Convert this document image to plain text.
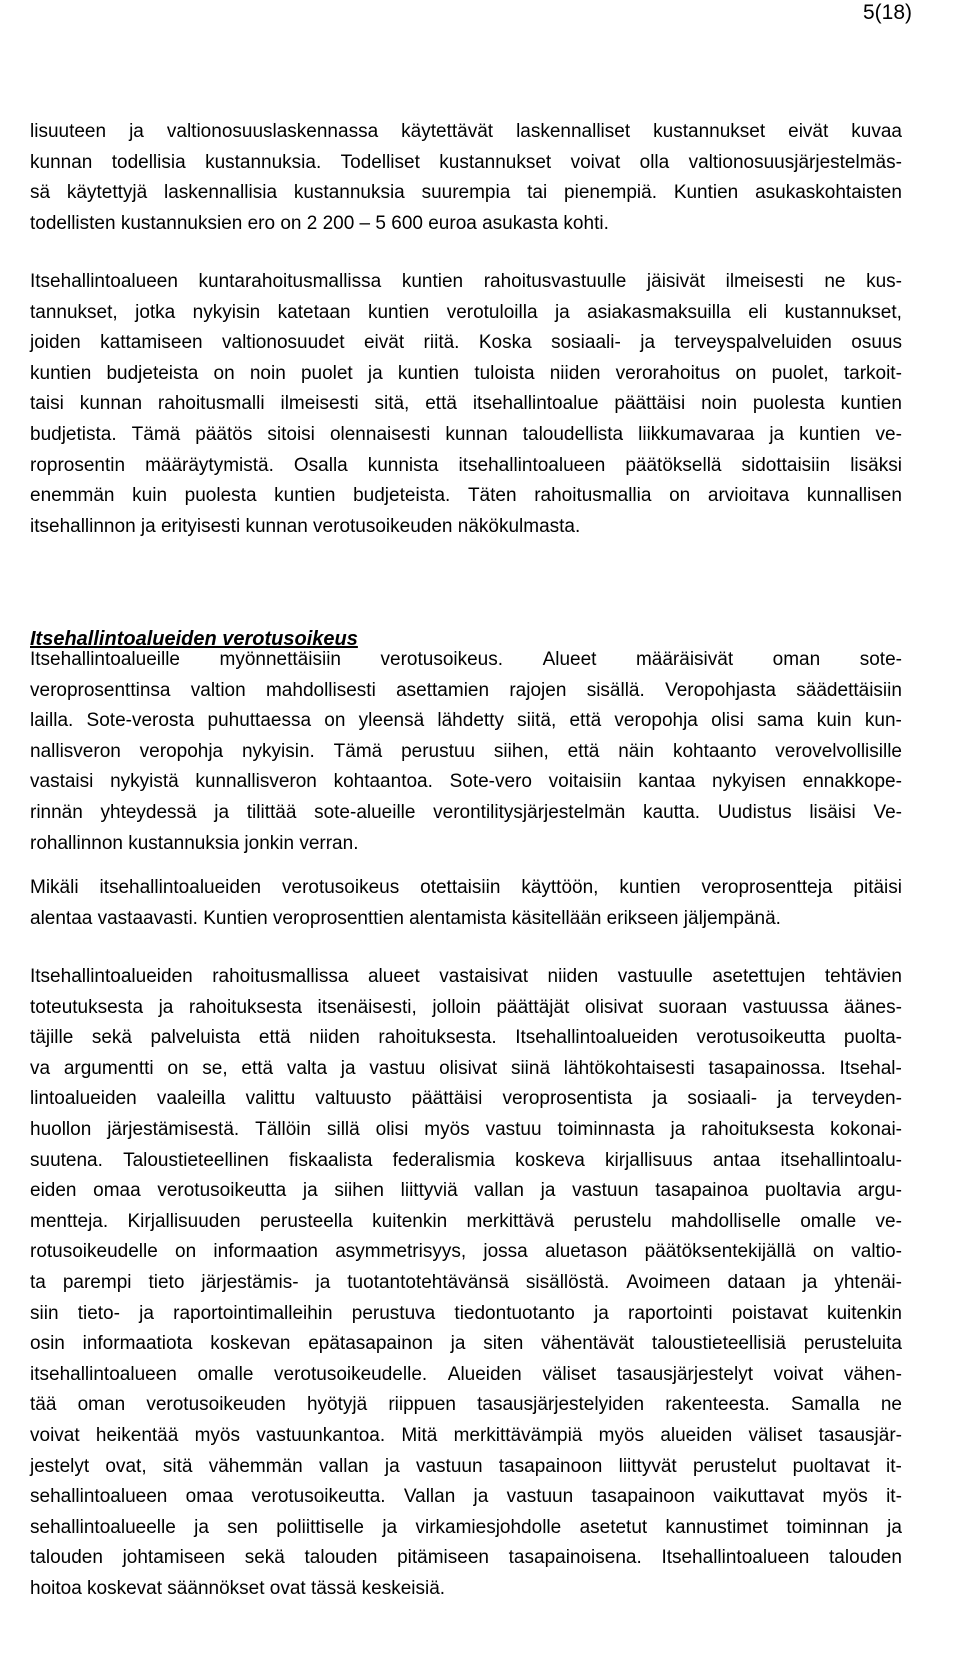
5(18)
Itsehallintoalueiden verotusoikeus
lisuuteen ja valtionosuuslaskennassa käytettävät laskennalliset kustannukset eivät kuvaa
kunnan todellisia kustannuksia. Todelliset kustannukset voivat olla valtionosuusjärjestelmäs-
sä käytettyjä laskennallisia kustannuksia suurempia tai pienempiä. Kuntien asukaskohtaisten
todellisten kustannuksien ero on 2 200 – 5 600 euroa asukasta kohti.
Itsehallintoalueen kuntarahoitusmallissa kuntien rahoitusvastuulle jäisivät ilmeisesti ne kus-
tannukset, jotka nykyisin katetaan kuntien verotuloilla ja asiakasmaksuilla eli kustannukset,
joiden kattamiseen valtionosuudet eivät riitä. Koska sosiaali- ja terveyspalveluiden osuus
kuntien budjeteista on noin puolet ja kuntien tuloista niiden verorahoitus on puolet, tarkoit-
taisi kunnan rahoitusmalli ilmeisesti sitä, että itsehallintoalue päättäisi noin puolesta kuntien
budjetista. Tämä päätös sitoisi olennaisesti kunnan taloudellista liikkumavaraa ja kuntien ve-
roprosentin määräytymistä. Osalla kunnista itsehallintoalueen päätöksellä sidottaisiin lisäksi
enemmän kuin puolesta kuntien budjeteista. Täten rahoitusmallia on arvioitava kunnallisen
itsehallinnon ja erityisesti kunnan verotusoikeuden näkökulmasta.
Itsehallintoalueille myönnettäisiin verotusoikeus. Alueet määräisivät oman sote-
veroprosenttinsa valtion mahdollisesti asettamien rajojen sisällä. Veropohjasta säädettäisiin
lailla. Sote-verosta puhuttaessa on yleensä lähdetty siitä, että veropohja olisi sama kuin kun-
nallisveron veropohja nykyisin. Tämä perustuu siihen, että näin kohtaanto verovelvollisille
vastaisi nykyistä kunnallisveron kohtaantoa. Sote-vero voitaisiin kantaa nykyisen ennakkope-
rinnän yhteydessä ja tilittää sote-alueille verontilitysjärjestelmän kautta. Uudistus lisäisi Ve-
rohallinnon kustannuksia jonkin verran.
Mikäli itsehallintoalueiden verotusoikeus otettaisiin käyttöön, kuntien veroprosentteja pitäisi
alentaa vastaavasti. Kuntien veroprosenttien alentamista käsitellään erikseen jäljempänä.
Itsehallintoalueiden rahoitusmallissa alueet vastaisivat niiden vastuulle asetettujen tehtävien
toteutuksesta ja rahoituksesta itsenäisesti, jolloin päättäjät olisivat suoraan vastuussa äänes-
täjille sekä palveluista että niiden rahoituksesta. Itsehallintoalueiden verotusoikeutta puolta-
va argumentti on se, että valta ja vastuu olisivat siinä lähtökohtaisesti tasapainossa. Itsehal-
lintoalueiden vaaleilla valittu valtuusto päättäisi veroprosentista ja sosiaali- ja terveyden-
huollon järjestämisestä. Tällöin sillä olisi myös vastuu toiminnasta ja rahoituksesta kokonai-
suutena. Taloustieteellinen fiskaalista federalismia koskeva kirjallisuus antaa itsehallintoalu-
eiden omaa verotusoikeutta ja siihen liittyviä vallan ja vastuun tasapainoa puoltavia argu-
mentteja. Kirjallisuuden perusteella kuitenkin merkittävä perustelu mahdolliselle omalle ve-
rotusoikeudelle on informaation asymmetrisyys, jossa aluetason päätöksentekijällä on valtio-
ta parempi tieto järjestämis- ja tuotantotehtävänsä sisällöstä. Avoimeen dataan ja yhtenäi-
siin tieto- ja raportointimalleihin perustuva tiedontuotanto ja raportointi poistavat kuitenkin
osin informaatiota koskevan epätasapainon ja siten vähentävät taloustieteellisiä perusteluita
itsehallintoalueen omalle verotusoikeudelle. Alueiden väliset tasausjärjestelyt voivat vähen-
tää oman verotusoikeuden hyötyjä riippuen tasausjärjestelyiden rakenteesta. Samalla ne
voivat heikentää myös vastuunkantoa. Mitä merkittävämpiä myös alueiden väliset tasausjär-
jestelyt ovat, sitä vähemmän vallan ja vastuun tasapainoon liittyvät perustelut puoltavat it-
sehallintoalueen omaa verotusoikeutta. Vallan ja vastuun tasapainoon vaikuttavat myös it-
sehallintoalueelle ja sen poliittiselle ja virkamiesjohdolle asetetut kannustimet toiminnan ja
talouden johtamiseen sekä talouden pitämiseen tasapainoisena. Itsehallintoalueen talouden
hoitoa koskevat säännökset ovat tässä keskeisiä.
